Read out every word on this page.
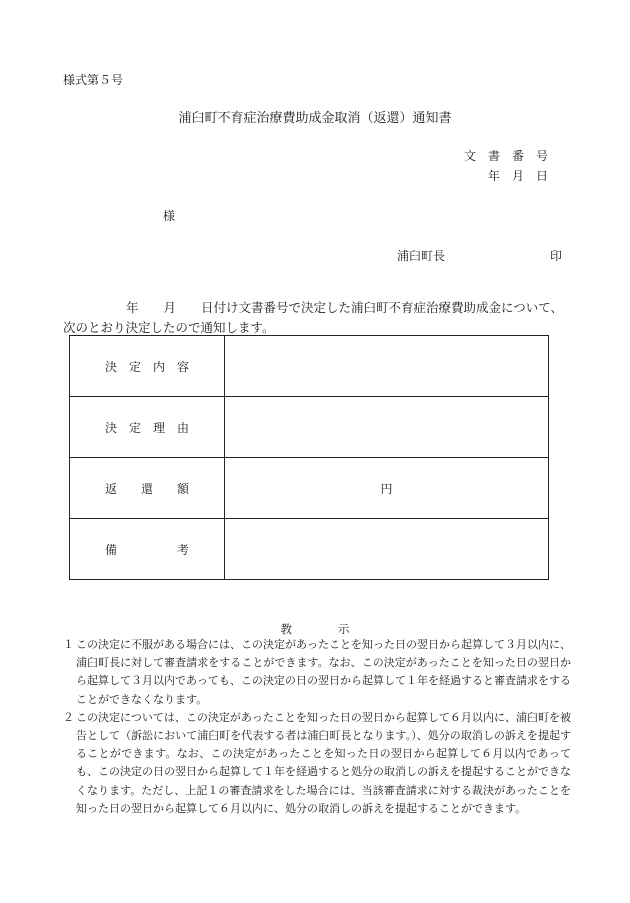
様式第５号
浦臼町不育症治療費助成金取消（返還）通知書
文　書　番　号
年　月　日
様
浦臼町長	印
年　　月　　日付け文書番号で決定した浦臼町不育症治療費助成金について、
次のとおり決定したので通知します。
決　定　内　容	
決　定　理　由	
返　　還　　額	円
備　　　　　考	
教　　　　示
１ この決定に不服がある場合には、この決定があったことを知った日の翌日から起算して３月以内に、浦臼町長に対して審査請求をすることができます。なお、この決定があったことを知った日の翌日から起算して３月以内であっても、この決定の日の翌日から起算して１年を経過すると審査請求をすることができなくなります。
２ この決定については、この決定があったことを知った日の翌日から起算して６月以内に、浦臼町を被告として（訴訟において浦臼町を代表する者は浦臼町長となります。）、処分の取消しの訴えを提起することができます。なお、この決定があったことを知った日の翌日から起算して６月以内であっても、この決定の日の翌日から起算して１年を経過すると処分の取消しの訴えを提起することができなくなります。ただし、上記１の審査請求をした場合には、当該審査請求に対する裁決があったことを知った日の翌日から起算して６月以内に、処分の取消しの訴えを提起することができます。
